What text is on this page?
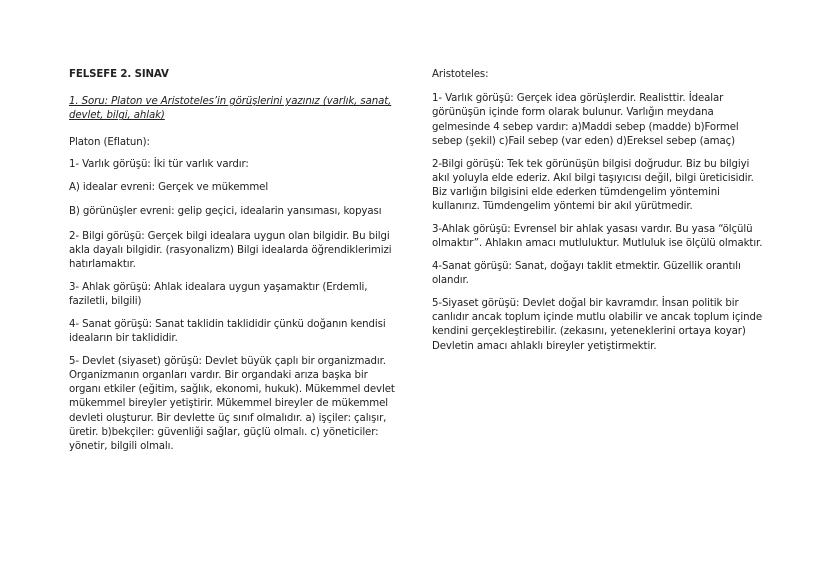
FELSEFE 2. SINAV

1. Soru: Platon ve Aristoteles’in görüşlerini yazınız (varlık, sanat, devlet, bilgi, ahlak)

Platon (Eflatun):

1- Varlık görüşü: İki tür varlık vardır:

A) idealar evreni: Gerçek ve mükemmel

B) görünüşler evreni: gelip geçici, idealarin yansıması, kopyası

2- Bilgi görüşü: Gerçek bilgi idealara uygun olan bilgidir. Bu bilgi akla dayalı bilgidir. (rasyonalizm) Bilgi idealarda öğrendiklerimizi hatırlamaktır.

3- Ahlak görüşü: Ahlak idealara uygun yaşamaktır (Erdemli, faziletli, bilgili)

4- Sanat görüşü: Sanat taklidin taklididir çünkü doğanın kendisi ideaların bir taklididir.

5- Devlet (siyaset) görüşü: Devlet büyük çaplı bir organizmadır. Organizmanın organları vardır. Bir organdaki arıza başka bir organı etkiler (eğitim, sağlık, ekonomi, hukuk). Mükemmel devlet mükemmel bireyler yetiştirir. Mükemmel bireyler de mükemmel devleti oluşturur. Bir devlette üç sınıf olmalıdır. a) işçiler: çalışır, üretir. b)bekçiler: güvenliği sağlar, güçlü olmalı. c) yöneticiler: yönetir, bilgili olmalı.

Aristoteles:

1- Varlık görüşü: Gerçek idea görüşlerdir. Realisttir. İdealar görünüşün içinde form olarak bulunur. Varlığın meydana gelmesinde 4 sebep vardır: a)Maddi sebep (madde) b)Formel sebep (şekil) c)Fail sebep (var eden) d)Ereksel sebep (amaç)

2-Bilgi görüşü: Tek tek görünüşün bilgisi doğrudur. Biz bu bilgiyi akıl yoluyla elde ederiz. Akıl bilgi taşıyıcısı değil, bilgi üreticisidir. Biz varlığın bilgisini elde ederken tümdengelim yöntemini kullanırız. Tümdengelim yöntemi bir akıl yürütmedir.

3-Ahlak görüşü: Evrensel bir ahlak yasası vardır. Bu yasa “ölçülü olmaktır”. Ahlakın amacı mutluluktur. Mutluluk ise ölçülü olmaktır.

4-Sanat görüşü: Sanat, doğayı taklit etmektir. Güzellik orantılı olandır.

5-Siyaset görüşü: Devlet doğal bir kavramdır. İnsan politik bir canlıdır ancak toplum içinde mutlu olabilir ve ancak toplum içinde kendini gerçekleştirebilir. (zekasını, yeteneklerini ortaya koyar) Devletin amacı ahlaklı bireyler yetiştirmektir.
